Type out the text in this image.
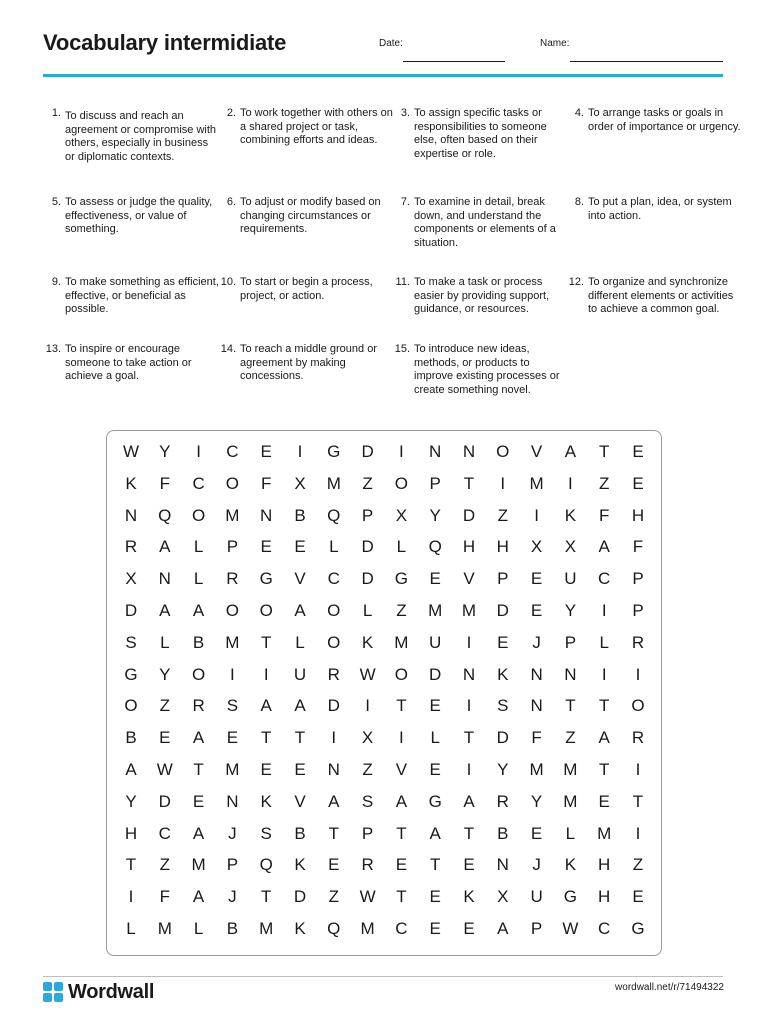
Vocabulary intermidiate	Date:	Name:
1. To discuss and reach an agreement or compromise with others, especially in business or diplomatic contexts.
2. To work together with others on a shared project or task, combining efforts and ideas.
3. To assign specific tasks or responsibilities to someone else, often based on their expertise or role.
4. To arrange tasks or goals in order of importance or urgency.
5. To assess or judge the quality, effectiveness, or value of something.
6. To adjust or modify based on changing circumstances or requirements.
7. To examine in detail, break down, and understand the components or elements of a situation.
8. To put a plan, idea, or system into action.
9. To make something as efficient, effective, or beneficial as possible.
10. To start or begin a process, project, or action.
11. To make a task or process easier by providing support, guidance, or resources.
12. To organize and synchronize different elements or activities to achieve a common goal.
13. To inspire or encourage someone to take action or achieve a goal.
14. To reach a middle ground or agreement by making concessions.
15. To introduce new ideas, methods, or products to improve existing processes or create something novel.
W	Y	I	C	E	I	G	D	I	N	N	O	V	A	T	E
K	F	C	O	F	X	M	Z	O	P	T	I	M	I	Z	E
N	Q	O	M	N	B	Q	P	X	Y	D	Z	I	K	F	H
R	A	L	P	E	E	L	D	L	Q	H	H	X	X	A	F
X	N	L	R	G	V	C	D	G	E	V	P	E	U	C	P
D	A	A	O	O	A	O	L	Z	M	M	D	E	Y	I	P
S	L	B	M	T	L	O	K	M	U	I	E	J	P	L	R
G	Y	O	I	I	U	R	W	O	D	N	K	N	N	I	I
O	Z	R	S	A	A	D	I	T	E	I	S	N	T	T	O
B	E	A	E	T	T	I	X	I	L	T	D	F	Z	A	R
A	W	T	M	E	E	N	Z	V	E	I	Y	M	M	T	I
Y	D	E	N	K	V	A	S	A	G	A	R	Y	M	E	T
H	C	A	J	S	B	T	P	T	A	T	B	E	L	M	I
T	Z	M	P	Q	K	E	R	E	T	E	N	J	K	H	Z
I	F	A	J	T	D	Z	W	T	E	K	X	U	G	H	E
L	M	L	B	M	K	Q	M	C	E	E	A	P	W	C	G
Wordwall	wordwall.net/r/71494322
